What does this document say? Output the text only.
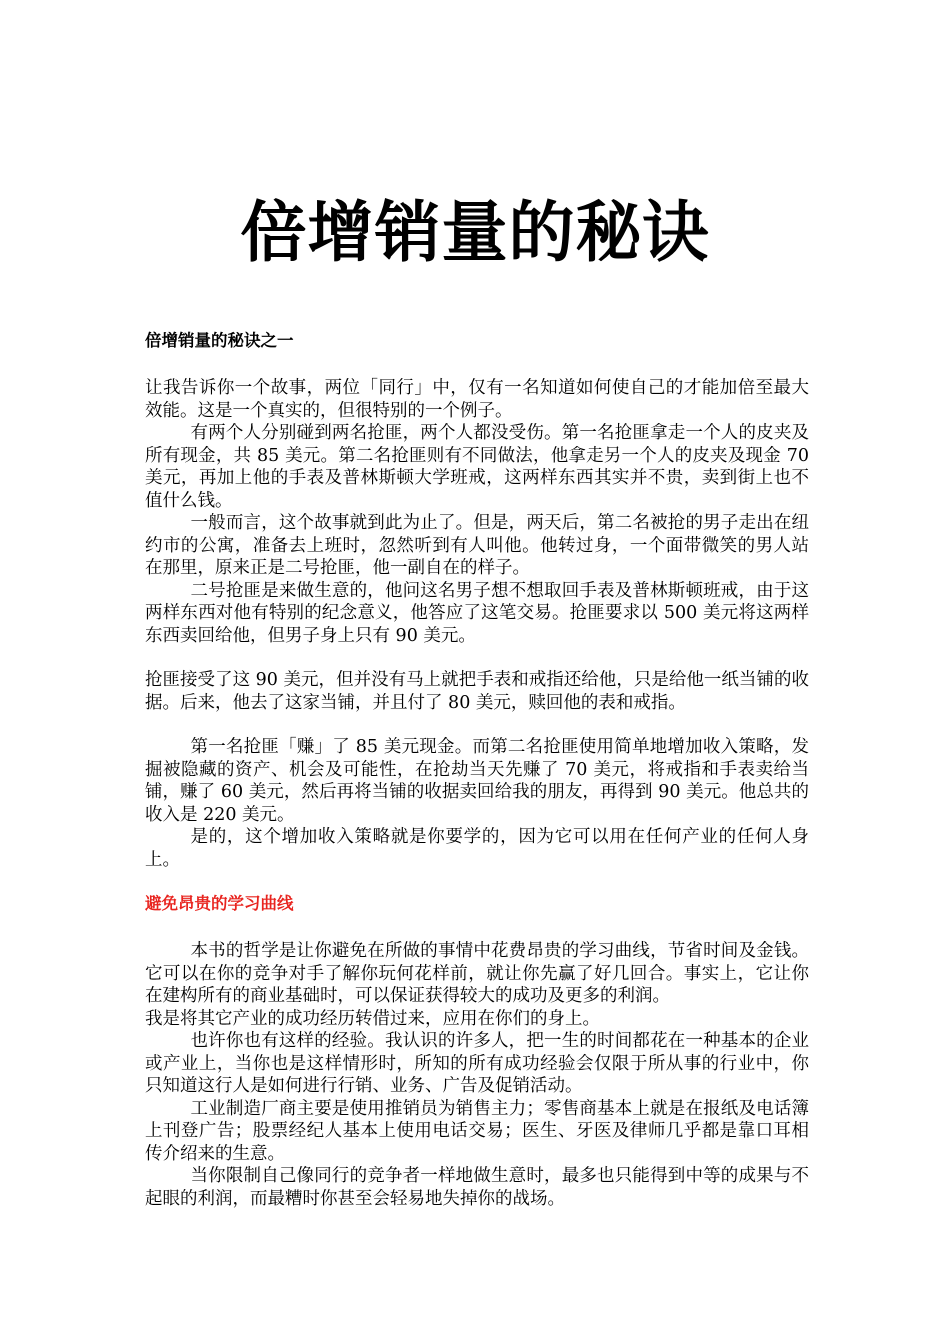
倍增销量的秘诀
倍增销量的秘诀之一

让我告诉你一个故事，两位「同行」中，仅有一名知道如何使自己的才能加倍至最大效能。这是一个真实的，但很特别的一个例子。

有两个人分别碰到两名抢匪，两个人都没受伤。第一名抢匪拿走一个人的皮夹及所有现金，共 85 美元。第二名抢匪则有不同做法，他拿走另一个人的皮夹及现金 70 美元，再加上他的手表及普林斯顿大学班戒，这两样东西其实并不贵，卖到街上也不值什么钱。

一般而言，这个故事就到此为止了。但是，两天后，第二名被抢的男子走出在纽约市的公寓，准备去上班时，忽然听到有人叫他。他转过身，一个面带微笑的男人站在那里，原来正是二号抢匪，他一副自在的样子。

二号抢匪是来做生意的，他问这名男子想不想取回手表及普林斯顿班戒，由于这两样东西对他有特别的纪念意义，他答应了这笔交易。抢匪要求以 500 美元将这两样东西卖回给他，但男子身上只有 90 美元。

抢匪接受了这 90 美元，但并没有马上就把手表和戒指还给他，只是给他一纸当铺的收据。后来，他去了这家当铺，并且付了 80 美元，赎回他的表和戒指。

第一名抢匪「赚」了 85 美元现金。而第二名抢匪使用简单地增加收入策略，发掘被隐藏的资产、机会及可能性，在抢劫当天先赚了 70 美元，将戒指和手表卖给当铺，赚了 60 美元，然后再将当铺的收据卖回给我的朋友，再得到 90 美元。他总共的收入是 220 美元。

是的，这个增加收入策略就是你要学的，因为它可以用在任何产业的任何人身上。

避免昂贵的学习曲线

本书的哲学是让你避免在所做的事情中花费昂贵的学习曲线，节省时间及金钱。它可以在你的竞争对手了解你玩何花样前，就让你先赢了好几回合。事实上，它让你在建构所有的商业基础时，可以保证获得较大的成功及更多的利润。

我是将其它产业的成功经历转借过来，应用在你们的身上。

也许你也有这样的经验。我认识的许多人，把一生的时间都花在一种基本的企业或产业上，当你也是这样情形时，所知的所有成功经验会仅限于所从事的行业中，你只知道这行人是如何进行行销、业务、广告及促销活动。

工业制造厂商主要是使用推销员为销售主力；零售商基本上就是在报纸及电话簿上刊登广告；股票经纪人基本上使用电话交易；医生、牙医及律师几乎都是靠口耳相传介绍来的生意。

当你限制自己像同行的竞争者一样地做生意时，最多也只能得到中等的成果与不起眼的利润，而最糟时你甚至会轻易地失掉你的战场。
